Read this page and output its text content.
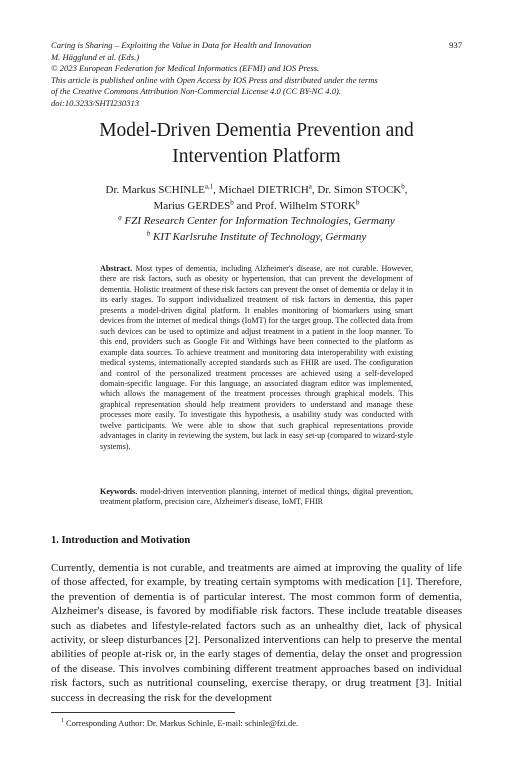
Caring is Sharing – Exploiting the Value in Data for Health and Innovation
M. Hägglund et al. (Eds.)
© 2023 European Federation for Medical Informatics (EFMI) and IOS Press.
This article is published online with Open Access by IOS Press and distributed under the terms
of the Creative Commons Attribution Non-Commercial License 4.0 (CC BY-NC 4.0).
doi:10.3233/SHTI230313
937
Model-Driven Dementia Prevention and
Intervention Platform
Dr. Markus SCHINLE$^{a,1}$, Michael DIETRICH$^a$, Dr. Simon STOCK$^b$,
Marius GERDES$^b$ and Prof. Wilhelm STORK$^b$
$^a$ FZI Research Center for Information Technologies, Germany
$^b$ KIT Karlsruhe Institute of Technology, Germany
Abstract. Most types of dementia, including Alzheimer's disease, are not curable. However, there are risk factors, such as obesity or hypertension, that can prevent the development of dementia. Holistic treatment of these risk factors can prevent the onset of dementia or delay it in its early stages. To support individualized treatment of risk factors in dementia, this paper presents a model-driven digital platform. It enables monitoring of biomarkers using smart devices from the internet of medical things (IoMT) for the target group. The collected data from such devices can be used to optimize and adjust treatment in a patient in the loop manner. To this end, providers such as Google Fit and Withings have been connected to the platform as example data sources. To achieve treatment and monitoring data interoperability with existing medical systems, internationally accepted standards such as FHIR are used. The configuration and control of the personalized treatment processes are achieved using a self-developed domain-specific language. For this language, an associated diagram editor was implemented, which allows the management of the treatment processes through graphical models. This graphical representation should help treatment providers to understand and manage these processes more easily. To investigate this hypothesis, a usability study was conducted with twelve participants. We were able to show that such graphical representations provide advantages in clarity in reviewing the system, but lack in easy set-up (compared to wizard-style systems).
Keywords. model-driven intervention planning, internet of medical things, digital prevention, treatment platform, precision care, Alzheimer's disease, IoMT, FHIR
1. Introduction and Motivation
Currently, dementia is not curable, and treatments are aimed at improving the quality of life of those affected, for example, by treating certain symptoms with medication [1]. Therefore, the prevention of dementia is of particular interest. The most common form of dementia, Alzheimer's disease, is favored by modifiable risk factors. These include treatable diseases such as diabetes and lifestyle-related factors such as an unhealthy diet, lack of physical activity, or sleep disturbances [2]. Personalized interventions can help to preserve the mental abilities of people at-risk or, in the early stages of dementia, delay the onset and progression of the disease. This involves combining different treatment approaches based on individual risk factors, such as nutritional counseling, exercise therapy, or drug treatment [3]. Initial success in decreasing the risk for the development
$^1$ Corresponding Author: Dr. Markus Schinle, E-mail: schinle@fzi.de.
